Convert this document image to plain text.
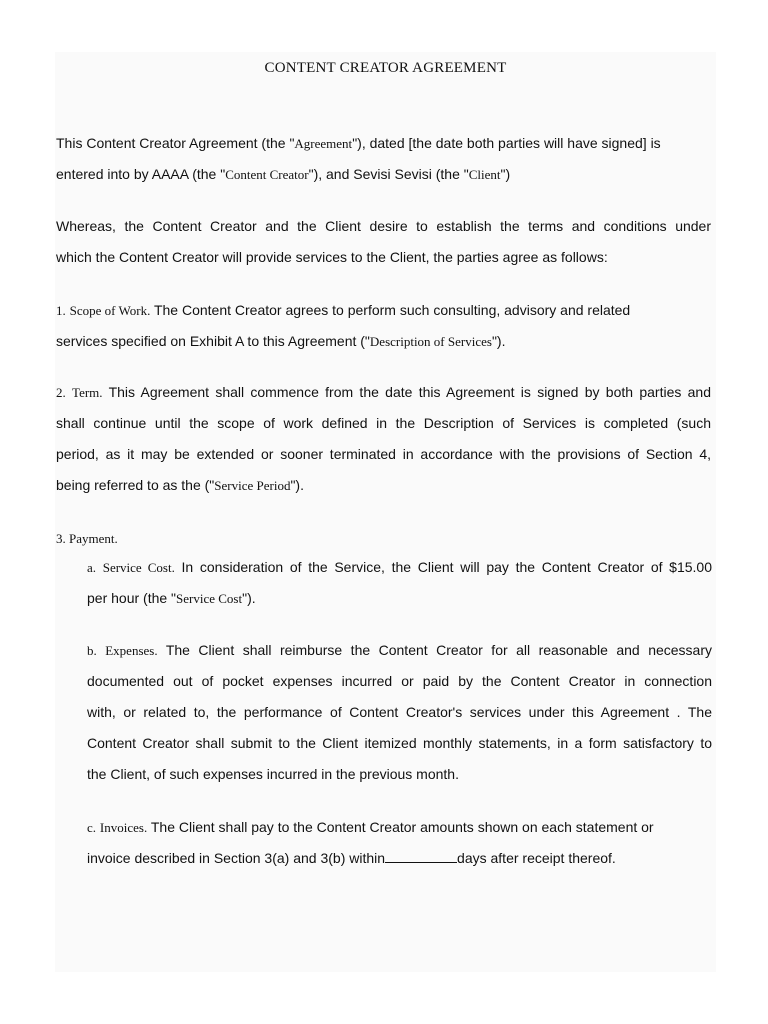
CONTENT CREATOR AGREEMENT
This Content Creator Agreement (the "Agreement"), dated [the date both parties will have signed] is
entered into by AAAA (the "Content Creator"), and Sevisi Sevisi (the "Client")
Whereas, the Content Creator and the Client desire to establish the terms and conditions under
which the Content Creator will provide services to the Client, the parties agree as follows:
1. Scope of Work. The Content Creator agrees to perform such consulting, advisory and related
services specified on Exhibit A to this Agreement ("Description of Services").
2. Term. This Agreement shall commence from the date this Agreement is signed by both parties and
shall continue until the scope of work defined in the Description of Services is completed (such
period, as it may be extended or sooner terminated in accordance with the provisions of Section 4,
being referred to as the ("Service Period").
3. Payment.
a. Service Cost. In consideration of the Service, the Client will pay the Content Creator of $15.00
per hour (the "Service Cost").
b. Expenses. The Client shall reimburse the Content Creator for all reasonable and necessary
documented out of pocket expenses incurred or paid by the Content Creator in connection
with, or related to, the performance of Content Creator's services under this Agreement . The
Content Creator shall submit to the Client itemized monthly statements, in a form satisfactory to
the Client, of such expenses incurred in the previous month.
c. Invoices. The Client shall pay to the Content Creator amounts shown on each statement or
invoice described in Section 3(a) and 3(b) within	days after receipt thereof.
